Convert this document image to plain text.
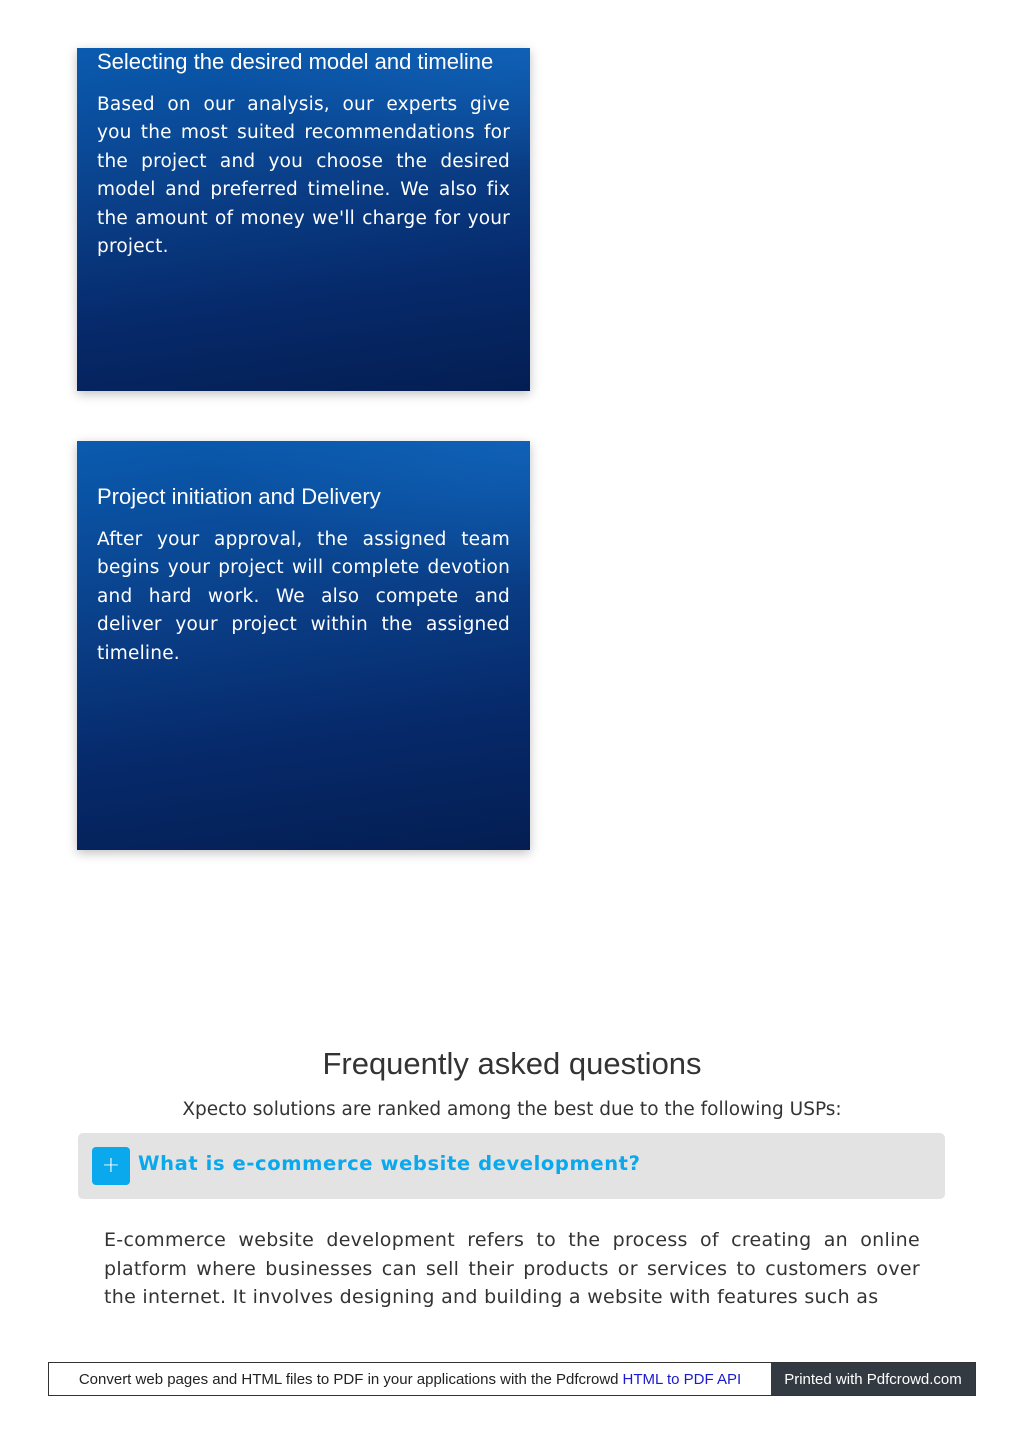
Selecting the desired model and timeline

Based on our analysis, our experts give you the most suited recommendations for the project and you choose the desired model and preferred timeline. We also fix the amount of money we'll charge for your project.

Project initiation and Delivery

After your approval, the assigned team begins your project will complete devotion and hard work. We also compete and deliver your project within the assigned timeline.

Frequently asked questions

Xpecto solutions are ranked among the best due to the following USPs:

+ What is e-commerce website development?

E-commerce website development refers to the process of creating an online platform where businesses can sell their products or services to customers over the internet. It involves designing and building a website with features such as

Convert web pages and HTML files to PDF in your applications with the Pdfcrowd HTML to PDF API	Printed with Pdfcrowd.com
